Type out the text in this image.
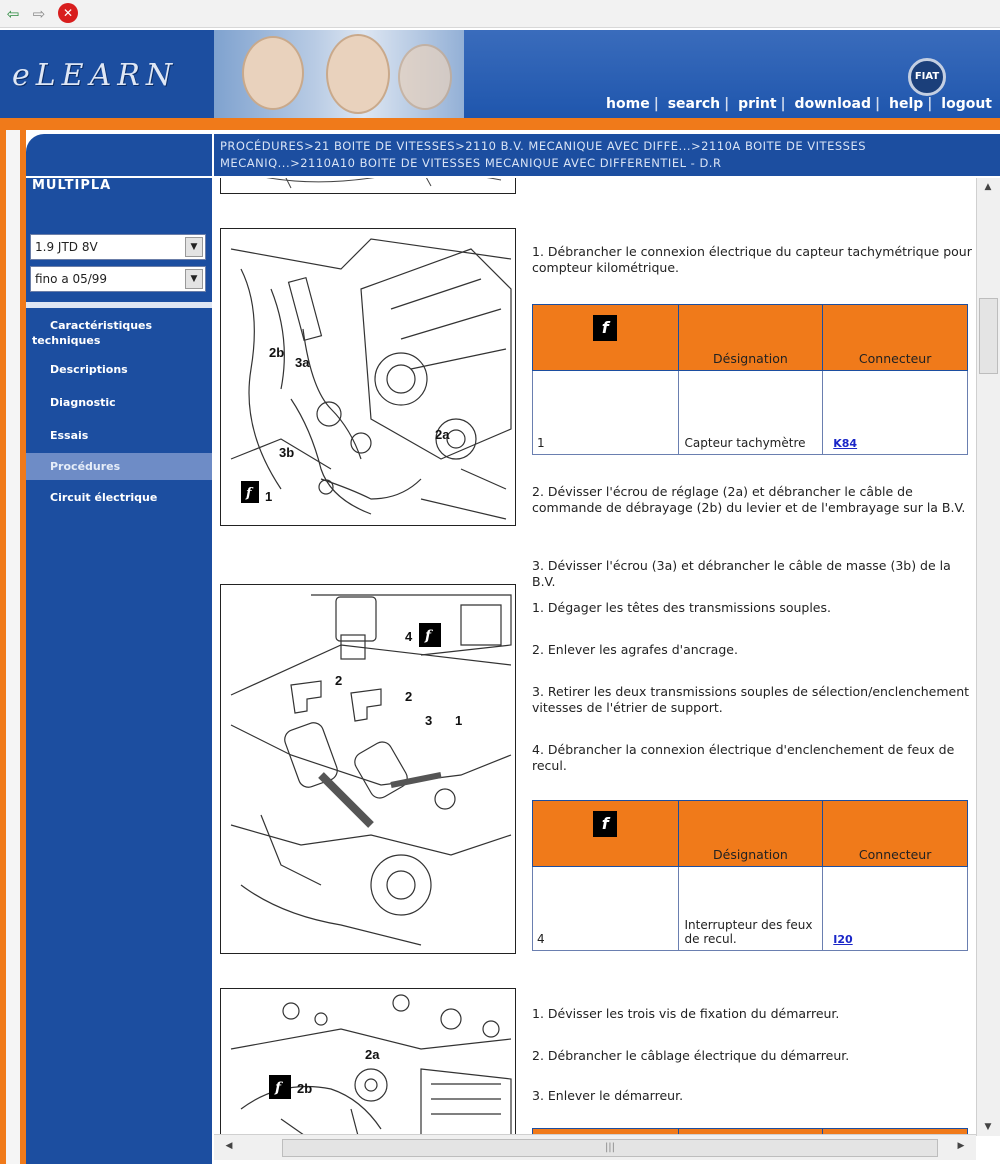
⇦ ⇨	✕
eLEARN	FIAT
home | search | print | download | help | logout
PROCÉDURES>21 BOITE DE VITESSES>2110 B.V. MECANIQUE AVEC DIFFE...>2110A BOITE DE VITESSES
MECANIQ...>2110A10 BOITE DE VITESSES MECANIQUE AVEC DIFFERENTIEL - D.R
MULTIPLA
1.9 JTD 8V	▼
fino a 05/99	▼
Caractéristiques techniques
Descriptions
Diagnostic
Essais
Procédures
Circuit électrique
2b
3a
3b
2a
1
f
4
2
2
3 1
f
2a
2b
f
1. Débrancher le connexion électrique du capteur tachymétrique pour compteur kilométrique.
f	Désignation	Connecteur
1	Capteur tachymètre	K84
2. Dévisser l'écrou de réglage (2a) et débrancher le câble de commande de débrayage (2b) du levier et de l'embrayage sur la B.V.
3. Dévisser l'écrou (3a) et débrancher le câble de masse (3b) de la B.V.
1. Dégager les têtes des transmissions souples.
2. Enlever les agrafes d'ancrage.
3. Retirer les deux transmissions souples de sélection/enclenchement vitesses de l'étrier de support.
4. Débrancher la connexion électrique d'enclenchement de feux de recul.
f	Désignation	Connecteur
4	Interrupteur des feux de recul.	I20
1. Dévisser les trois vis de fixation du démarreur.
2. Débrancher le câblage électrique du démarreur.
3. Enlever le démarreur.

▲
▼
◀	|||	▶
